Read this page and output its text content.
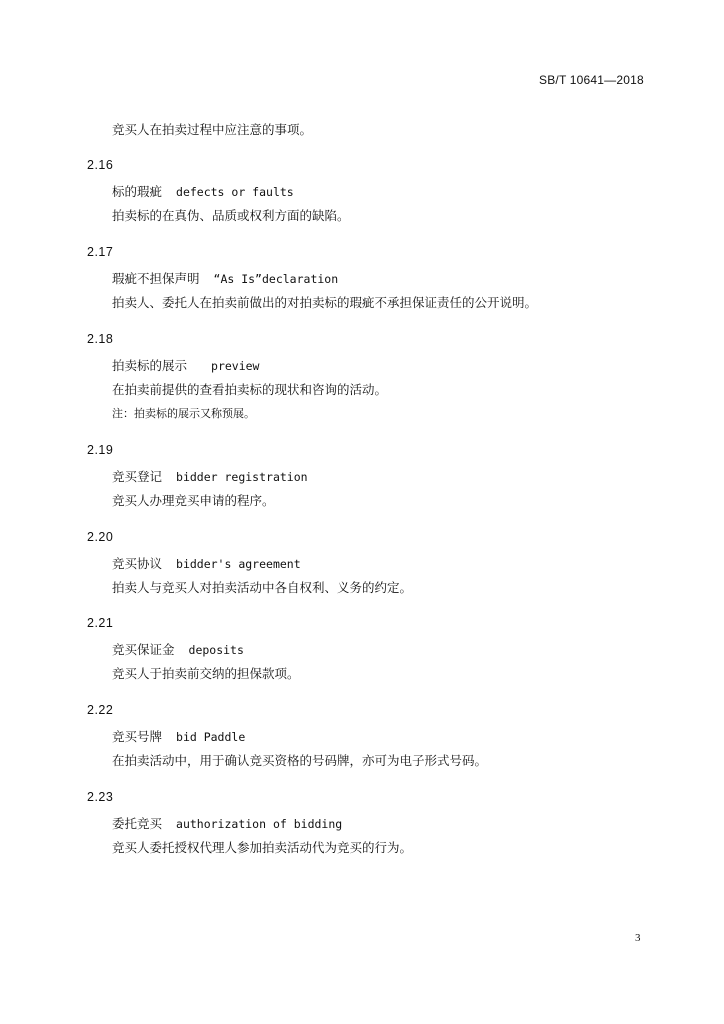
SB/T 10641—2018
竞买人在拍卖过程中应注意的事项。
2.16
标的瑕疵 defects or faults
拍卖标的在真伪、品质或权利方面的缺陷。
2.17
瑕疵不担保声明 “As Is”declaration
拍卖人、委托人在拍卖前做出的对拍卖标的瑕疵不承担保证责任的公开说明。
2.18
拍卖标的展示 preview
在拍卖前提供的查看拍卖标的现状和咨询的活动。
注：拍卖标的展示又称预展。
2.19
竞买登记 bidder registration
竞买人办理竞买申请的程序。
2.20
竞买协议 bidder's agreement
拍卖人与竞买人对拍卖活动中各自权利、义务的约定。
2.21
竞买保证金 deposits
竞买人于拍卖前交纳的担保款项。
2.22
竞买号牌 bid Paddle
在拍卖活动中，用于确认竞买资格的号码牌，亦可为电子形式号码。
2.23
委托竞买 authorization of bidding
竞买人委托授权代理人参加拍卖活动代为竞买的行为。
3
